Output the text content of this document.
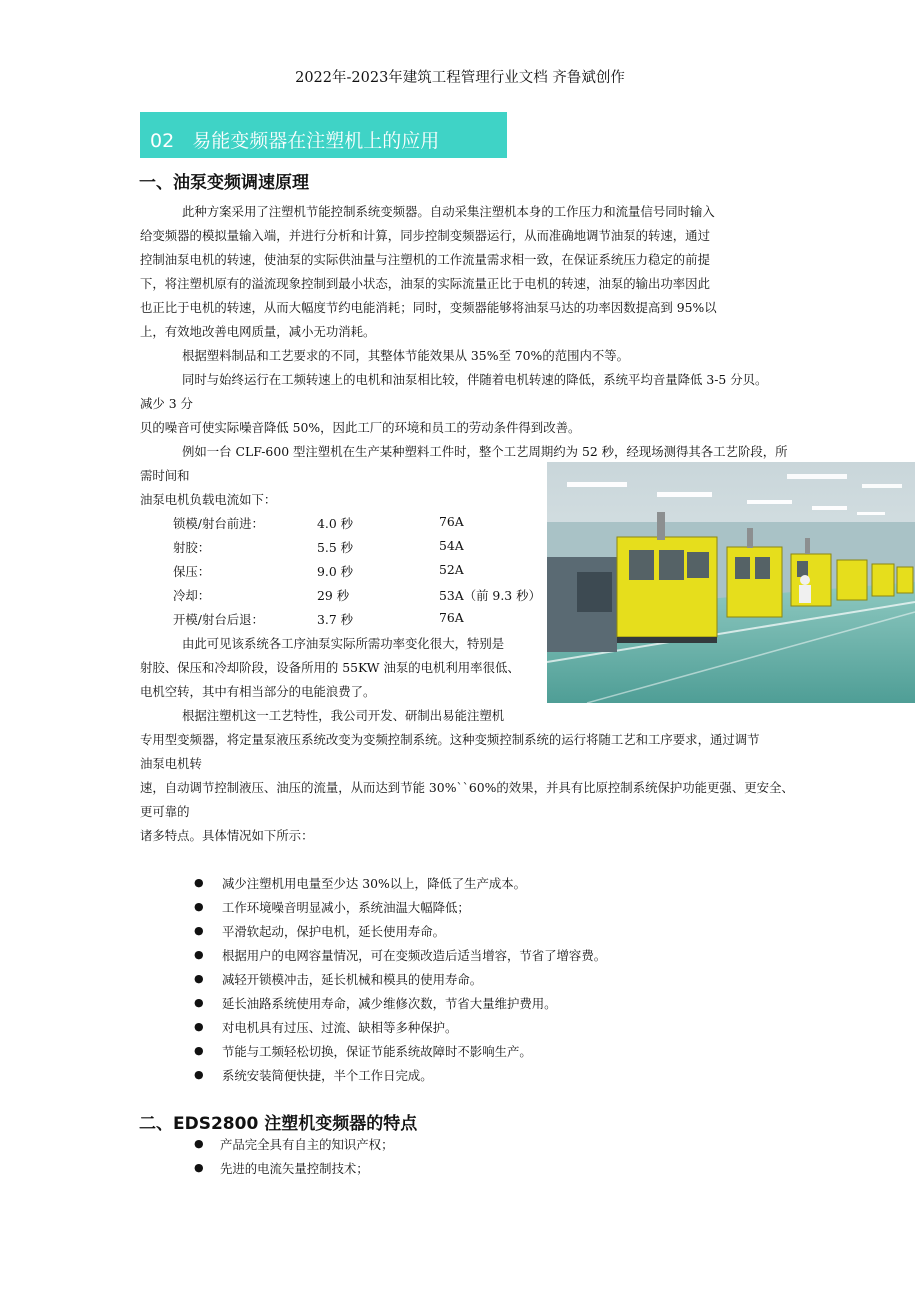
2022年-2023年建筑工程管理行业文档 齐鲁斌创作
02 易能变频器在注塑机上的应用
一、油泵变频调速原理
此种方案采用了注塑机节能控制系统变频器。自动采集注塑机本身的工作压力和流量信号同时输入
给变频器的模拟量输入端，并进行分析和计算，同步控制变频器运行，从而准确地调节油泵的转速，通过
控制油泵电机的转速，使油泵的实际供油量与注塑机的工作流量需求相一致，在保证系统压力稳定的前提
下，将注塑机原有的溢流现象控制到最小状态，油泵的实际流量正比于电机的转速，油泵的输出功率因此
也正比于电机的转速，从而大幅度节约电能消耗；同时，变频器能够将油泵马达的功率因数提高到 95%以
上，有效地改善电网质量，减小无功消耗。
根据塑料制品和工艺要求的不同，其整体节能效果从 35%至 70%的范围内不等。
同时与始终运行在工频转速上的电机和油泵相比较，伴随着电机转速的降低，系统平均音量降低 3-5 分贝。
减少 3 分
贝的噪音可使实际噪音降低 50%，因此工厂的环境和员工的劳动条件得到改善。
例如一台 CLF-600 型注塑机在生产某种塑料工件时，整个工艺周期约为 52 秒，经现场测得其各工艺阶段，所
需时间和
油泵电机负载电流如下：
锁模/射台前进：	4.0 秒	76A
射胶：	5.5 秒	54A
保压：	9.0 秒	52A
冷却：	29 秒	53A（前 9.3 秒）
开模/射台后退：	3.7 秒	76A
由此可见该系统各工序油泵实际所需功率变化很大，特别是
射胶、保压和冷却阶段，设备所用的 55KW 油泵的电机利用率很低、
电机空转，其中有相当部分的电能浪费了。
根据注塑机这一工艺特性，我公司开发、研制出易能注塑机
专用型变频器，将定量泵液压系统改变为变频控制系统。这种变频控制系统的运行将随工艺和工序要求，通过调节
油泵电机转
速，自动调节控制液压、油压的流量，从而达到节能 30%``60%的效果，并具有比原控制系统保护功能更强、更安全、
更可靠的
诸多特点。具体情况如下所示：
● 减少注塑机用电量至少达 30%以上，降低了生产成本。
● 工作环境噪音明显减小，系统油温大幅降低；
● 平滑软起动，保护电机，延长使用寿命。
● 根据用户的电网容量情况，可在变频改造后适当增容，节省了增容费。
● 减轻开锁模冲击，延长机械和模具的使用寿命。
● 延长油路系统使用寿命，减少维修次数，节省大量维护费用。
● 对电机具有过压、过流、缺相等多种保护。
● 节能与工频轻松切换，保证节能系统故障时不影响生产。
● 系统安装简便快捷，半个工作日完成。
二、EDS2800 注塑机变频器的特点
● 产品完全具有自主的知识产权；
● 先进的电流矢量控制技术；
